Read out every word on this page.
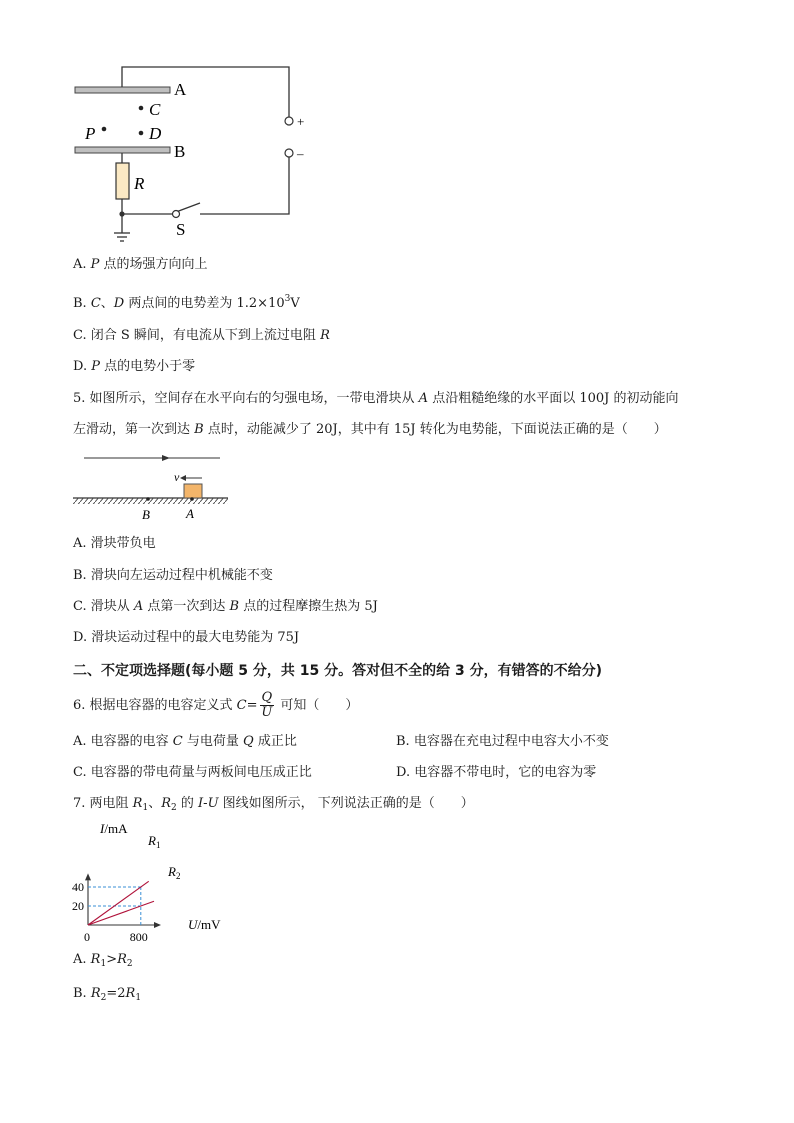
A
B
C
D
P
R
S
+
–
A. P 点的场强方向向上
B. C、D 两点间的电势差为 $1.2\times 10^3V$
C. 闭合 S 瞬间，有电流从下到上流过电阻 R
D. P 点的电势小于零
5. 如图所示，空间存在水平向右的匀强电场，一带电滑块从 A 点沿粗糙绝缘的水平面以 100J 的初动能向
左滑动，第一次到达 B 点时，动能减少了 20J，其中有 15J 转化为电势能，下面说法正确的是（　　）
v
B	A
A. 滑块带负电
B. 滑块向左运动过程中机械能不变
C. 滑块从 A 点第一次到达 B 点的过程摩擦生热为 5J
D. 滑块运动过程中的最大电势能为 75J
二、不定项选择题(每小题 5 分，共 15 分。答对但不全的给 3 分，有错答的不给分)
6. 根据电容器的电容定义式 $C= \frac{Q}{U}$ 可知（　　）
A. 电容器的电容 C 与电荷量 Q 成正比	B. 电容器在充电过程中电容大小不变
C. 电容器的带电荷量与两板间电压成正比	D. 电容器不带电时，它的电容为零
7. 两电阻 $R_1$、$R_2$ 的 I-U 图线如图所示， 下列说法正确的是（　　）
40
20
0	800
I/mA
U/mV
$R_1$
$R_2$
A. $R_1>R_2$
B. $R_2=2R_1$
